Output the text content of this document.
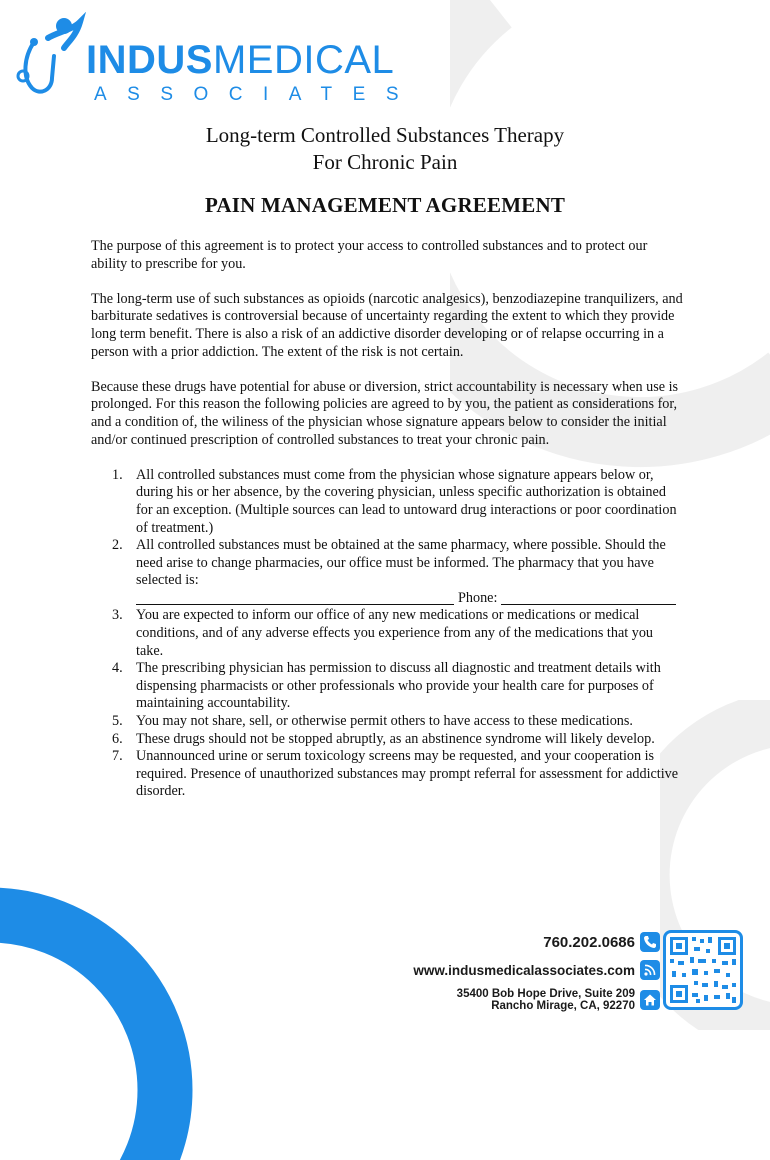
INDUSMEDICAL
ASSOCIATES
Long-term Controlled Substances Therapy
For Chronic Pain
PAIN MANAGEMENT AGREEMENT

The purpose of this agreement is to protect your access to controlled substances and to protect our ability to prescribe for you.

The long-term use of such substances as opioids (narcotic analgesics), benzodiazepine tranquilizers, and barbiturate sedatives is controversial because of uncertainty regarding the extent to which they provide long term benefit. There is also a risk of an addictive disorder developing or of relapse occurring in a person with a prior addiction. The extent of the risk is not certain.

Because these drugs have potential for abuse or diversion, strict accountability is necessary when use is prolonged. For this reason the following policies are agreed to by you, the patient as considerations for, and a condition of, the wiliness of the physician whose signature appears below to consider the initial and/or continued prescription of controlled substances to treat your chronic pain.

1. All controlled substances must come from the physician whose signature appears below or, during his or her absence, by the covering physician, unless specific authorization is obtained for an exception. (Multiple sources can lead to untoward drug interactions or poor coordination of treatment.)
2. All controlled substances must be obtained at the same pharmacy, where possible. Should the need arise to change pharmacies, our office must be informed. The pharmacy that you have selected is:
Phone:
3. You are expected to inform our office of any new medications or medications or medical conditions, and of any adverse effects you experience from any of the medications that you take.
4. The prescribing physician has permission to discuss all diagnostic and treatment details with dispensing pharmacists or other professionals who provide your health care for purposes of maintaining accountability.
5. You may not share, sell, or otherwise permit others to have access to these medications.
6. These drugs should not be stopped abruptly, as an abstinence syndrome will likely develop.
7. Unannounced urine or serum toxicology screens may be requested, and your cooperation is required. Presence of unauthorized substances may prompt referral for assessment for addictive disorder.
760.202.0686
www.indusmedicalassociates.com
35400 Bob Hope Drive, Suite 209
Rancho Mirage, CA, 92270
